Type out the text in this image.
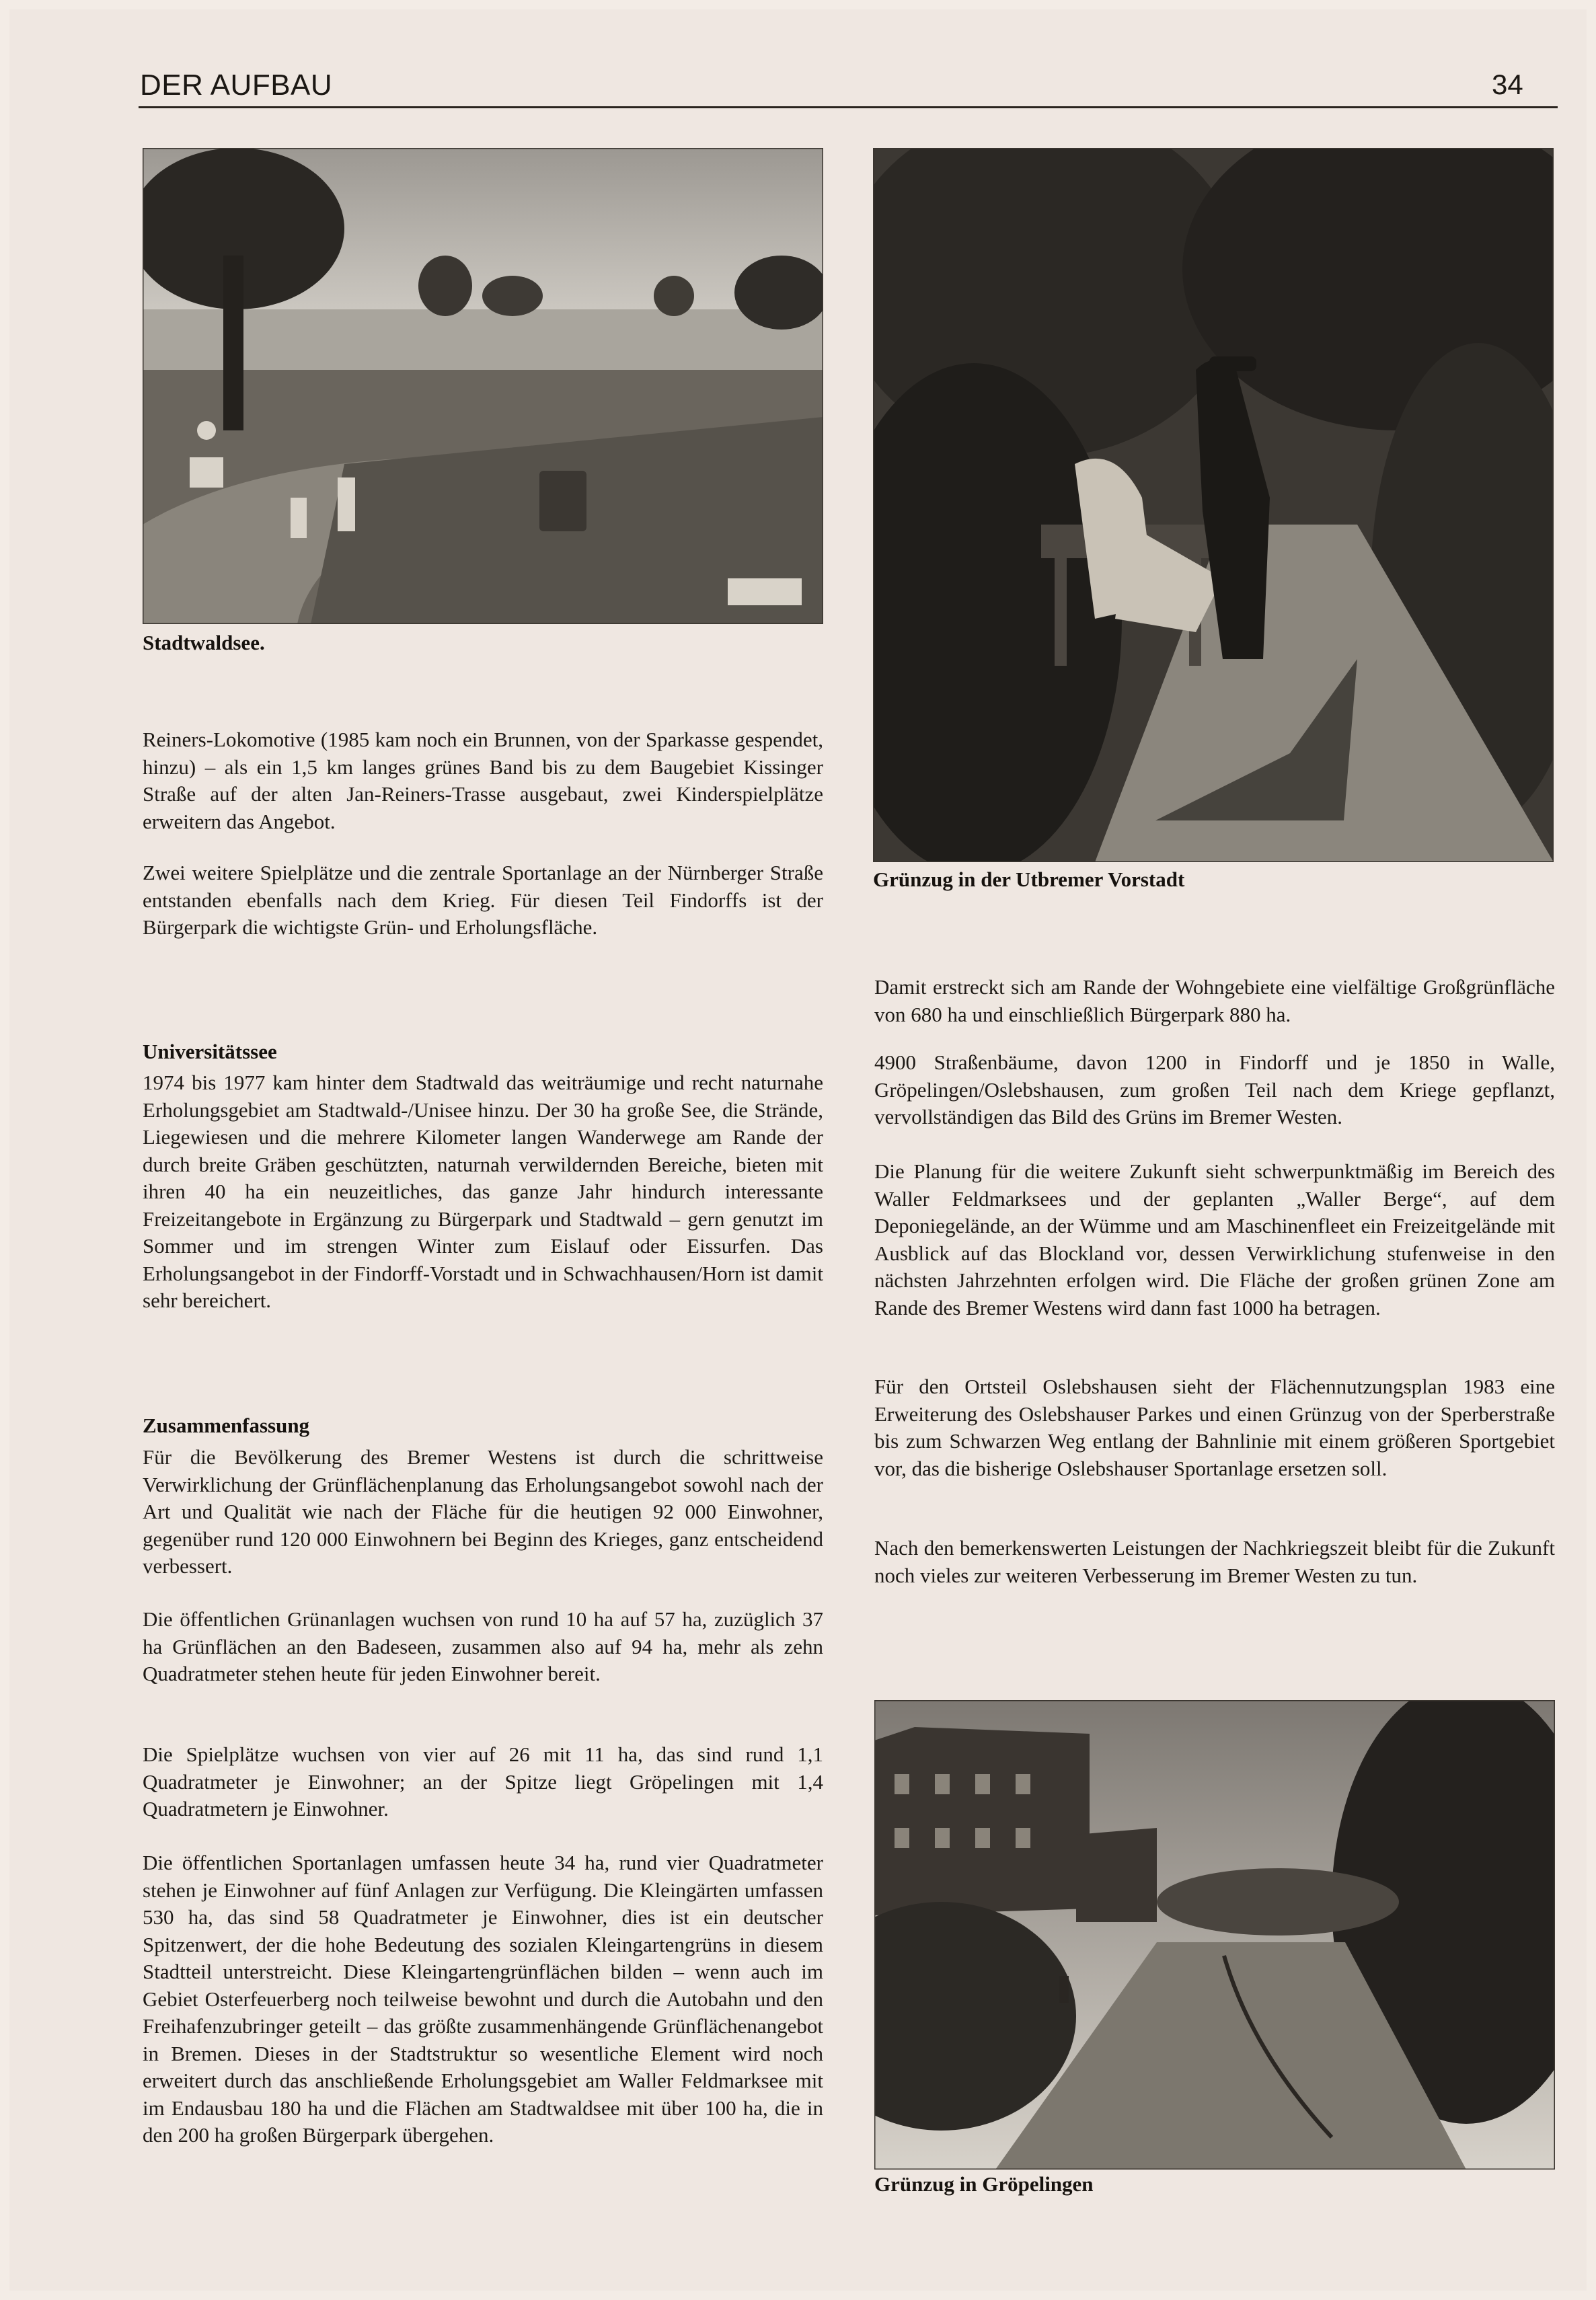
DER AUFBAU	34
Stadtwaldsee.
Grünzug in der Utbremer Vorstadt
Reiners-Lokomotive (1985 kam noch ein Brunnen, von der Sparkasse gespendet, hinzu) – als ein 1,5 km langes grünes Band bis zu dem Baugebiet Kissinger Straße auf der alten Jan-Reiners-Trasse ausgebaut, zwei Kinderspielplätze erweitern das Angebot.
Zwei weitere Spielplätze und die zentrale Sportanlage an der Nürnberger Straße entstanden ebenfalls nach dem Krieg. Für diesen Teil Findorffs ist der Bürgerpark die wichtigste Grün- und Erholungsfläche.
Universitätssee
1974 bis 1977 kam hinter dem Stadtwald das weiträumige und recht naturnahe Erholungsgebiet am Stadtwald-/Unisee hinzu. Der 30 ha große See, die Strände, Liegewiesen und die mehrere Kilometer langen Wanderwege am Rande der durch breite Gräben geschützten, naturnah verwildernden Bereiche, bieten mit ihren 40 ha ein neuzeitliches, das ganze Jahr hindurch interessante Freizeitangebote in Ergänzung zu Bürgerpark und Stadtwald – gern genutzt im Sommer und im strengen Winter zum Eislauf oder Eissurfen. Das Erholungsangebot in der Findorff-Vorstadt und in Schwachhausen/Horn ist damit sehr bereichert.
Zusammenfassung
Für die Bevölkerung des Bremer Westens ist durch die schrittweise Verwirklichung der Grünflächenplanung das Erholungsangebot sowohl nach der Art und Qualität wie nach der Fläche für die heutigen 92 000 Einwohner, gegenüber rund 120 000 Einwohnern bei Beginn des Krieges, ganz entscheidend verbessert.
Die öffentlichen Grünanlagen wuchsen von rund 10 ha auf 57 ha, zuzüglich 37 ha Grünflächen an den Badeseen, zusammen also auf 94 ha, mehr als zehn Quadratmeter stehen heute für jeden Einwohner bereit.
Die Spielplätze wuchsen von vier auf 26 mit 11 ha, das sind rund 1,1 Quadratmeter je Einwohner; an der Spitze liegt Gröpelingen mit 1,4 Quadratmetern je Einwohner.
Die öffentlichen Sportanlagen umfassen heute 34 ha, rund vier Quadratmeter stehen je Einwohner auf fünf Anlagen zur Verfügung. Die Kleingärten umfassen 530 ha, das sind 58 Quadratmeter je Einwohner, dies ist ein deutscher Spitzenwert, der die hohe Bedeutung des sozialen Kleingartengrüns in diesem Stadtteil unterstreicht. Diese Kleingartengrünflächen bilden – wenn auch im Gebiet Osterfeuerberg noch teilweise bewohnt und durch die Autobahn und den Freihafenzubringer geteilt – das größte zusammenhängende Grünflächenangebot in Bremen. Dieses in der Stadtstruktur so wesentliche Element wird noch erweitert durch das anschließende Erholungsgebiet am Waller Feldmarksee mit im Endausbau 180 ha und die Flächen am Stadtwaldsee mit über 100 ha, die in den 200 ha großen Bürgerpark übergehen.
Damit erstreckt sich am Rande der Wohngebiete eine vielfältige Großgrünfläche von 680 ha und einschließlich Bürgerpark 880 ha.
4900 Straßenbäume, davon 1200 in Findorff und je 1850 in Walle, Gröpelingen/Oslebshausen, zum großen Teil nach dem Kriege gepflanzt, vervollständigen das Bild des Grüns im Bremer Westen.
Die Planung für die weitere Zukunft sieht schwerpunktmäßig im Bereich des Waller Feldmarksees und der geplanten „Waller Berge“, auf dem Deponiegelände, an der Wümme und am Maschinenfleet ein Freizeitgelände mit Ausblick auf das Blockland vor, dessen Verwirklichung stufenweise in den nächsten Jahrzehnten erfolgen wird. Die Fläche der großen grünen Zone am Rande des Bremer Westens wird dann fast 1000 ha betragen.
Für den Ortsteil Oslebshausen sieht der Flächennutzungsplan 1983 eine Erweiterung des Oslebshauser Parkes und einen Grünzug von der Sperberstraße bis zum Schwarzen Weg entlang der Bahnlinie mit einem größeren Sportgebiet vor, das die bisherige Oslebshauser Sportanlage ersetzen soll.
Nach den bemerkenswerten Leistungen der Nachkriegszeit bleibt für die Zukunft noch vieles zur weiteren Verbesserung im Bremer Westen zu tun.
Grünzug in Gröpelingen
